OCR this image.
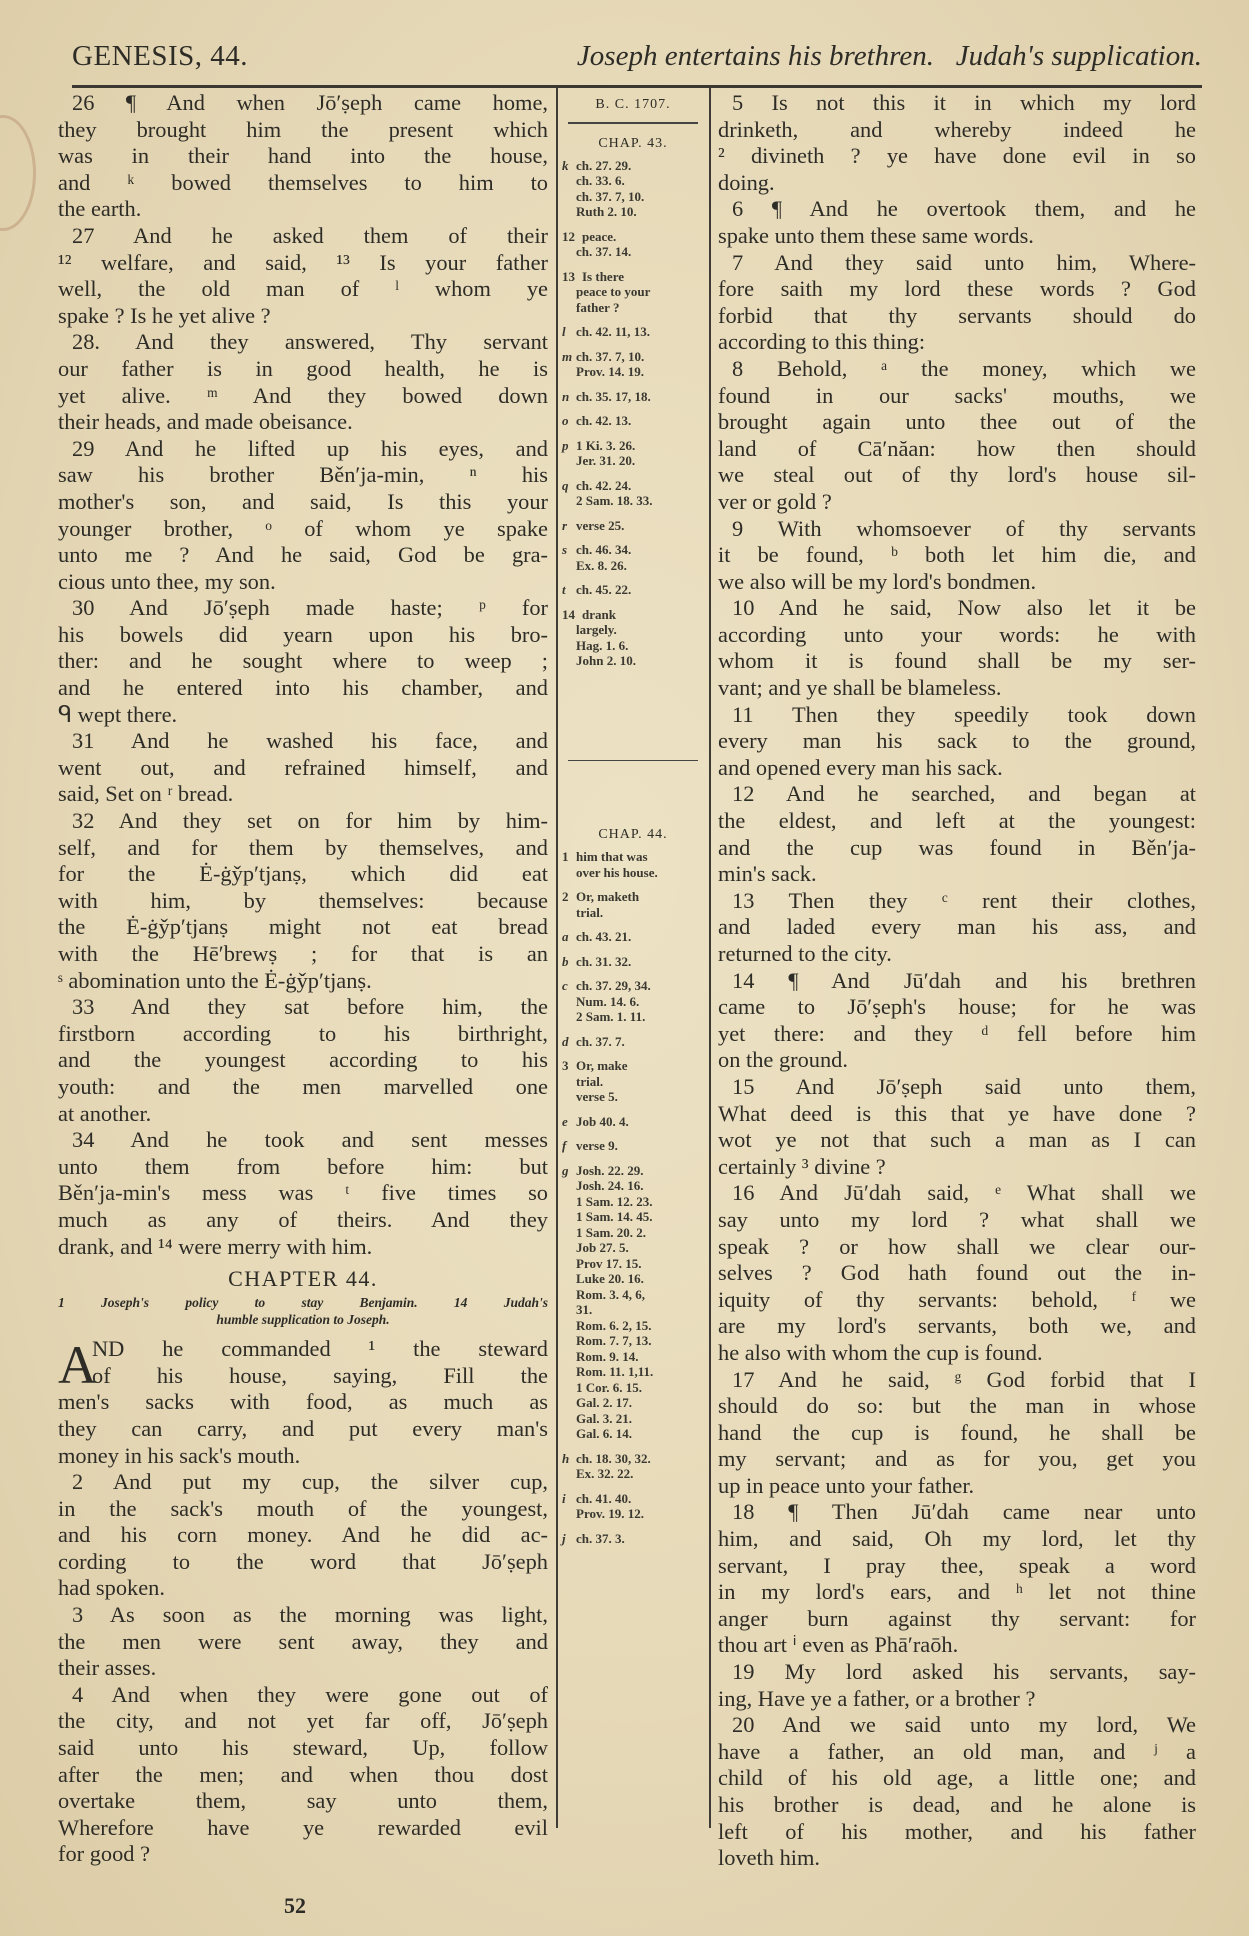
GENESIS, 44.	Joseph entertains his brethren.   Judah's supplication.
26 ¶ And when Jō′ṣeph came home,
they brought him the present which
was in their hand into the house,
and ᵏ bowed themselves to him to
the earth.
27 And he asked them of their
¹² welfare, and said, ¹³ Is your father
well, the old man of ˡ whom ye
spake ? Is he yet alive ?
28. And they answered, Thy servant
our father is in good health, he is
yet alive. ᵐ And they bowed down
their heads, and made obeisance.
29 And he lifted up his eyes, and
saw his brother Běn′ja-min, ⁿ his
mother's son, and said, Is this your
younger brother, ᵒ of whom ye spake
unto me ? And he said, God be gra-
cious unto thee, my son.
30 And Jō′ṣeph made haste; ᵖ for
his bowels did yearn upon his bro-
ther: and he sought where to weep ;
and he entered into his chamber, and
ᑫ wept there.
31 And he washed his face, and
went out, and refrained himself, and
said, Set on ʳ bread.
32 And they set on for him by him-
self, and for them by themselves, and
for the Ė-ġy̌p′tjanṣ, which did eat
with him, by themselves: because
the Ė-ġy̌p′tjanṣ might not eat bread
with the Hē′brewṣ ; for that is an
ˢ abomination unto the Ė-ġy̌p′tjanṣ.
33 And they sat before him, the
firstborn according to his birthright,
and the youngest according to his
youth: and the men marvelled one
at another.
34 And he took and sent messes
unto them from before him: but
Běn′ja-min's mess was ᵗ five times so
much as any of theirs. And they
drank, and ¹⁴ were merry with him.
CHAPTER 44.
1 Joseph's policy to stay Benjamin. 14 Judah's
humble supplication to Joseph.
A
ND he commanded ¹ the steward
of his house, saying, Fill the
men's sacks with food, as much as
they can carry, and put every man's
money in his sack's mouth.
2 And put my cup, the silver cup,
in the sack's mouth of the youngest,
and his corn money. And he did ac-
cording to the word that Jō′ṣeph
had spoken.
3 As soon as the morning was light,
the men were sent away, they and
their asses.
4 And when they were gone out of
the city, and not yet far off, Jō′ṣeph
said unto his steward, Up, follow
after the men; and when thou dost
overtake them, say unto them,
Wherefore have ye rewarded evil
for good ?
B. C. 1707.
CHAP. 43.
k ch. 27. 29.
ch. 33. 6.
ch. 37. 7, 10.
Ruth 2. 10.
12 peace.
ch. 37. 14.
13 Is there
peace to your
father ?
l ch. 42. 11, 13.
m ch. 37. 7, 10.
Prov. 14. 19.
n ch. 35. 17, 18.
o ch. 42. 13.
p 1 Ki. 3. 26.
Jer. 31. 20.
q ch. 42. 24.
2 Sam. 18. 33.
r verse 25.
s ch. 46. 34.
Ex. 8. 26.
t ch. 45. 22.
14 drank
largely.
Hag. 1. 6.
John 2. 10.
CHAP. 44.
1 him that was
over his house.
2 Or, maketh
trial.
a ch. 43. 21.
b ch. 31. 32.
c ch. 37. 29, 34.
Num. 14. 6.
2 Sam. 1. 11.
d ch. 37. 7.
3 Or, make
trial.
verse 5.
e Job 40. 4.
f verse 9.
g Josh. 22. 29.
Josh. 24. 16.
1 Sam. 12. 23.
1 Sam. 14. 45.
1 Sam. 20. 2.
Job 27. 5.
Prov 17. 15.
Luke 20. 16.
Rom. 3. 4, 6,
31.
Rom. 6. 2, 15.
Rom. 7. 7, 13.
Rom. 9. 14.
Rom. 11. 1,11.
1 Cor. 6. 15.
Gal. 2. 17.
Gal. 3. 21.
Gal. 6. 14.
h ch. 18. 30, 32.
Ex. 32. 22.
i ch. 41. 40.
Prov. 19. 12.
j ch. 37. 3.
5 Is not this it in which my lord
drinketh, and whereby indeed he
² divineth ? ye have done evil in so
doing.
6 ¶ And he overtook them, and he
spake unto them these same words.
7 And they said unto him, Where-
fore saith my lord these words ? God
forbid that thy servants should do
according to this thing:
8 Behold, ᵃ the money, which we
found in our sacks' mouths, we
brought again unto thee out of the
land of Cā′năan: how then should
we steal out of thy lord's house sil-
ver or gold ?
9 With whomsoever of thy servants
it be found, ᵇ both let him die, and
we also will be my lord's bondmen.
10 And he said, Now also let it be
according unto your words: he with
whom it is found shall be my ser-
vant; and ye shall be blameless.
11 Then they speedily took down
every man his sack to the ground,
and opened every man his sack.
12 And he searched, and began at
the eldest, and left at the youngest:
and the cup was found in Běn′ja-
min's sack.
13 Then they ᶜ rent their clothes,
and laded every man his ass, and
returned to the city.
14 ¶ And Jū′dah and his brethren
came to Jō′ṣeph's house; for he was
yet there: and they ᵈ fell before him
on the ground.
15 And Jō′ṣeph said unto them,
What deed is this that ye have done ?
wot ye not that such a man as I can
certainly ³ divine ?
16 And Jū′dah said, ᵉ What shall we
say unto my lord ? what shall we
speak ? or how shall we clear our-
selves ? God hath found out the in-
iquity of thy servants: behold, ᶠ we
are my lord's servants, both we, and
he also with whom the cup is found.
17 And he said, ᵍ God forbid that I
should do so: but the man in whose
hand the cup is found, he shall be
my servant; and as for you, get you
up in peace unto your father.
18 ¶ Then Jū′dah came near unto
him, and said, Oh my lord, let thy
servant, I pray thee, speak a word
in my lord's ears, and ʰ let not thine
anger burn against thy servant: for
thou art ⁱ even as Phā′raōh.
19 My lord asked his servants, say-
ing, Have ye a father, or a brother ?
20 And we said unto my lord, We
have a father, an old man, and ʲ a
child of his old age, a little one; and
his brother is dead, and he alone is
left of his mother, and his father
loveth him.
52
